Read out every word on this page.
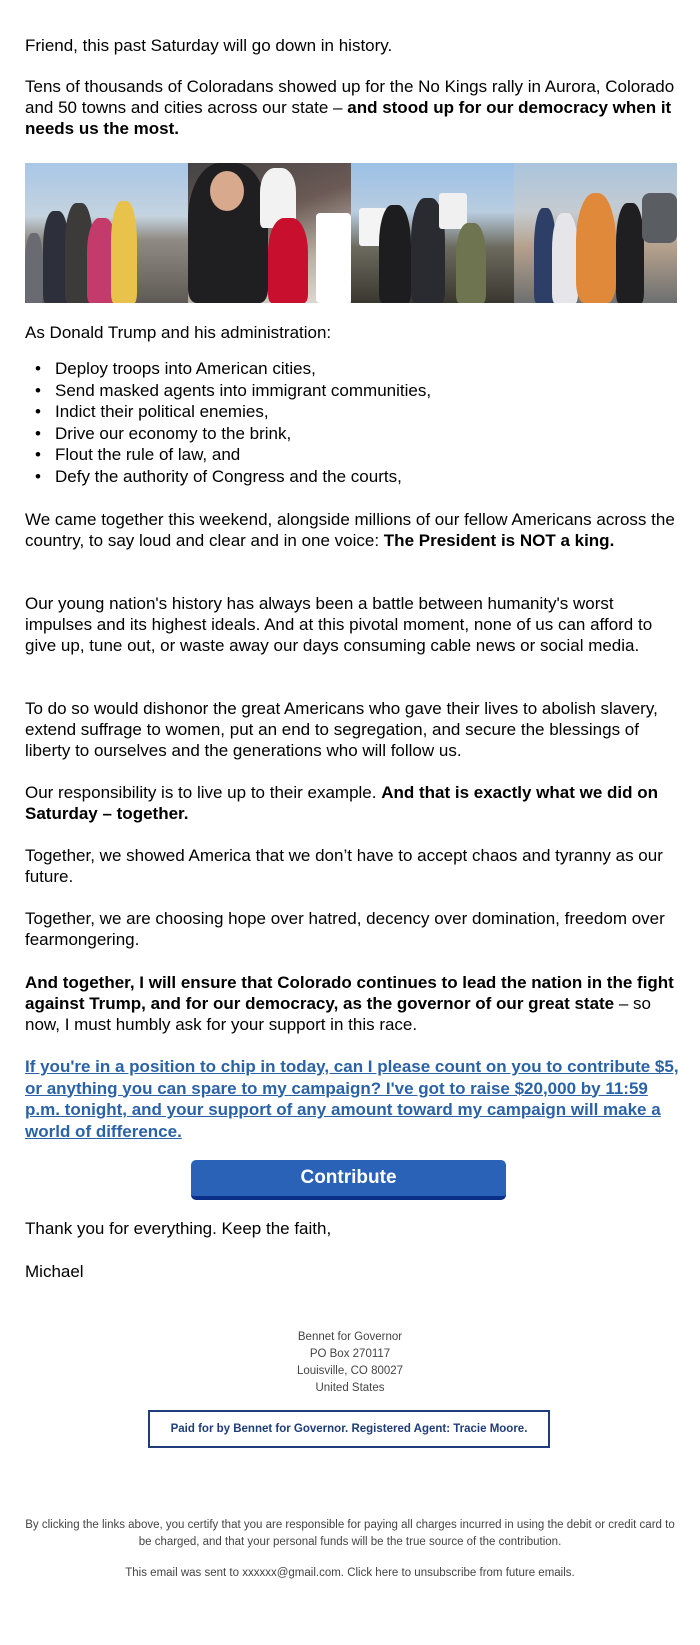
Friend, this past Saturday will go down in history.

Tens of thousands of Coloradans showed up for the No Kings rally in Aurora, Colorado and 50 towns and cities across our state – and stood up for our democracy when it needs us the most.

As Donald Trump and his administration:

• Deploy troops into American cities,
• Send masked agents into immigrant communities,
• Indict their political enemies,
• Drive our economy to the brink,
• Flout the rule of law, and
• Defy the authority of Congress and the courts,

We came together this weekend, alongside millions of our fellow Americans across the country, to say loud and clear and in one voice: The President is NOT a king.

Our young nation's history has always been a battle between humanity's worst impulses and its highest ideals. And at this pivotal moment, none of us can afford to give up, tune out, or waste away our days consuming cable news or social media.

To do so would dishonor the great Americans who gave their lives to abolish slavery, extend suffrage to women, put an end to segregation, and secure the blessings of liberty to ourselves and the generations who will follow us.

Our responsibility is to live up to their example. And that is exactly what we did on Saturday – together.

Together, we showed America that we don’t have to accept chaos and tyranny as our future.

Together, we are choosing hope over hatred, decency over domination, freedom over fearmongering.

And together, I will ensure that Colorado continues to lead the nation in the fight against Trump, and for our democracy, as the governor of our great state – so now, I must humbly ask for your support in this race.

If you're in a position to chip in today, can I please count on you to contribute $5, or anything you can spare to my campaign? I've got to raise $20,000 by 11:59 p.m. tonight, and your support of any amount toward my campaign will make a world of difference.

Contribute

Thank you for everything. Keep the faith,

Michael

Bennet for Governor
PO Box 270117
Louisville, CO 80027
United States
Paid for by Bennet for Governor. Registered Agent: Tracie Moore.
By clicking the links above, you certify that you are responsible for paying all charges incurred in using the debit or credit card to be charged, and that your personal funds will be the true source of the contribution.
This email was sent to xxxxxx@gmail.com. Click here to unsubscribe from future emails.
